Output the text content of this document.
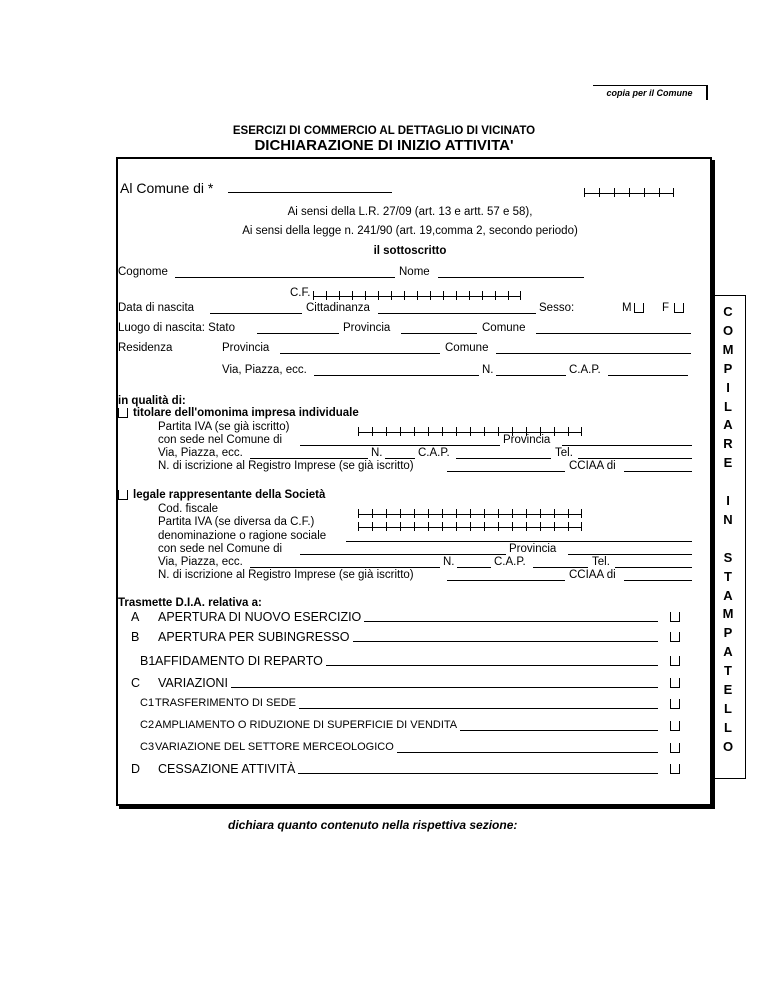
copia per il Comune
ESERCIZI DI COMMERCIO AL DETTAGLIO DI VICINATO
DICHIARAZIONE DI INIZIO ATTIVITA'
Al Comune di *
Ai sensi della L.R. 27/09 (art. 13 e artt. 57 e 58),
Ai sensi della legge n. 241/90 (art. 19,comma 2, secondo periodo)
il sottoscritto
Cognome	Nome
C.F.
Data di nascita	Cittadinanza	Sesso:	M	F
Luogo di nascita: Stato	Provincia	Comune
Residenza	Provincia	Comune
Via, Piazza, ecc.	N.	C.A.P.
in qualità di:
titolare dell'omonima impresa individuale
Partita IVA (se già iscritto)
con sede nel Comune di	Provincia
Via, Piazza, ecc.	N.	C.A.P.	Tel.
N. di iscrizione al Registro Imprese (se già iscritto)	CCIAA di
legale rappresentante della Società
Cod. fiscale
Partita IVA (se diversa da C.F.)
denominazione o ragione sociale
con sede nel Comune di	Provincia
Via, Piazza, ecc.	N.	C.A.P.	Tel.
N. di iscrizione al Registro Imprese (se già iscritto)	CCIAA di
Trasmette D.I.A. relativa a:
A APERTURA DI NUOVO ESERCIZIO
B APERTURA PER SUBINGRESSO
B1 AFFIDAMENTO DI REPARTO
C VARIAZIONI
C1 TRASFERIMENTO DI SEDE
C2 AMPLIAMENTO O RIDUZIONE DI SUPERFICIE DI VENDITA
C3 VARIAZIONE DEL SETTORE MERCEOLOGICO
D CESSAZIONE ATTIVITÀ
C
O
M
P
I
L
A
R
E
I
N
S
T
A
M
P
A
T
E
L
L
O
dichiara quanto contenuto nella rispettiva sezione:
